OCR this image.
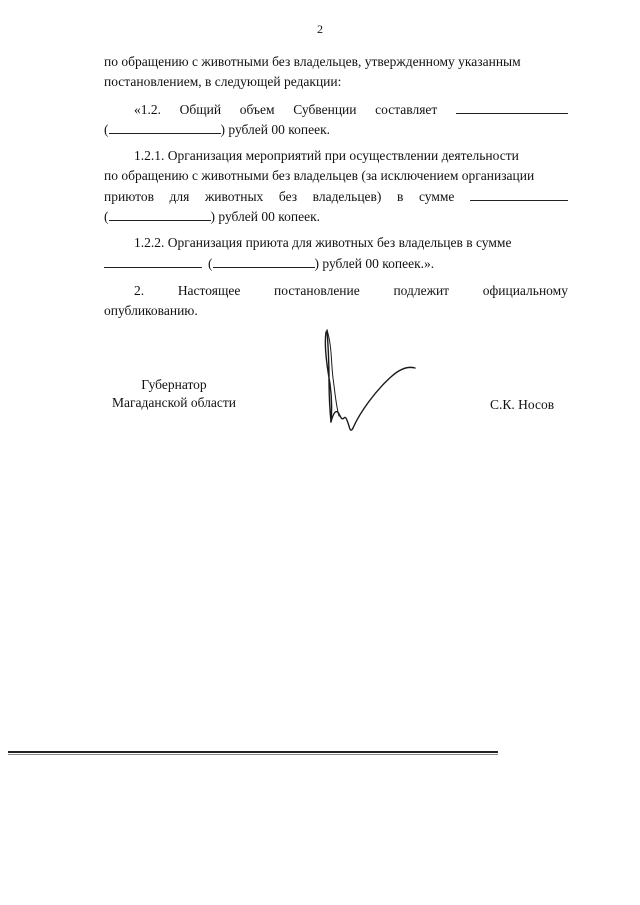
2
по обращению с животными без владельцев, утвержденному указанным
постановлением, в следующей редакции:
«1.2. Общий объем Субвенции составляет
(	) рублей 00 копеек.
1.2.1. Организация мероприятий при осуществлении деятельности
по обращению с животными без владельцев (за исключением организации
приютов для животных без владельцев) в сумме
(	) рублей 00 копеек.
1.2.2. Организация приюта для животных без владельцев в сумме
(	) рублей 00 копеек.».
2. Настоящее постановление подлежит официальному
опубликованию.
Губернатор
Магаданской области	С.К. Носов
